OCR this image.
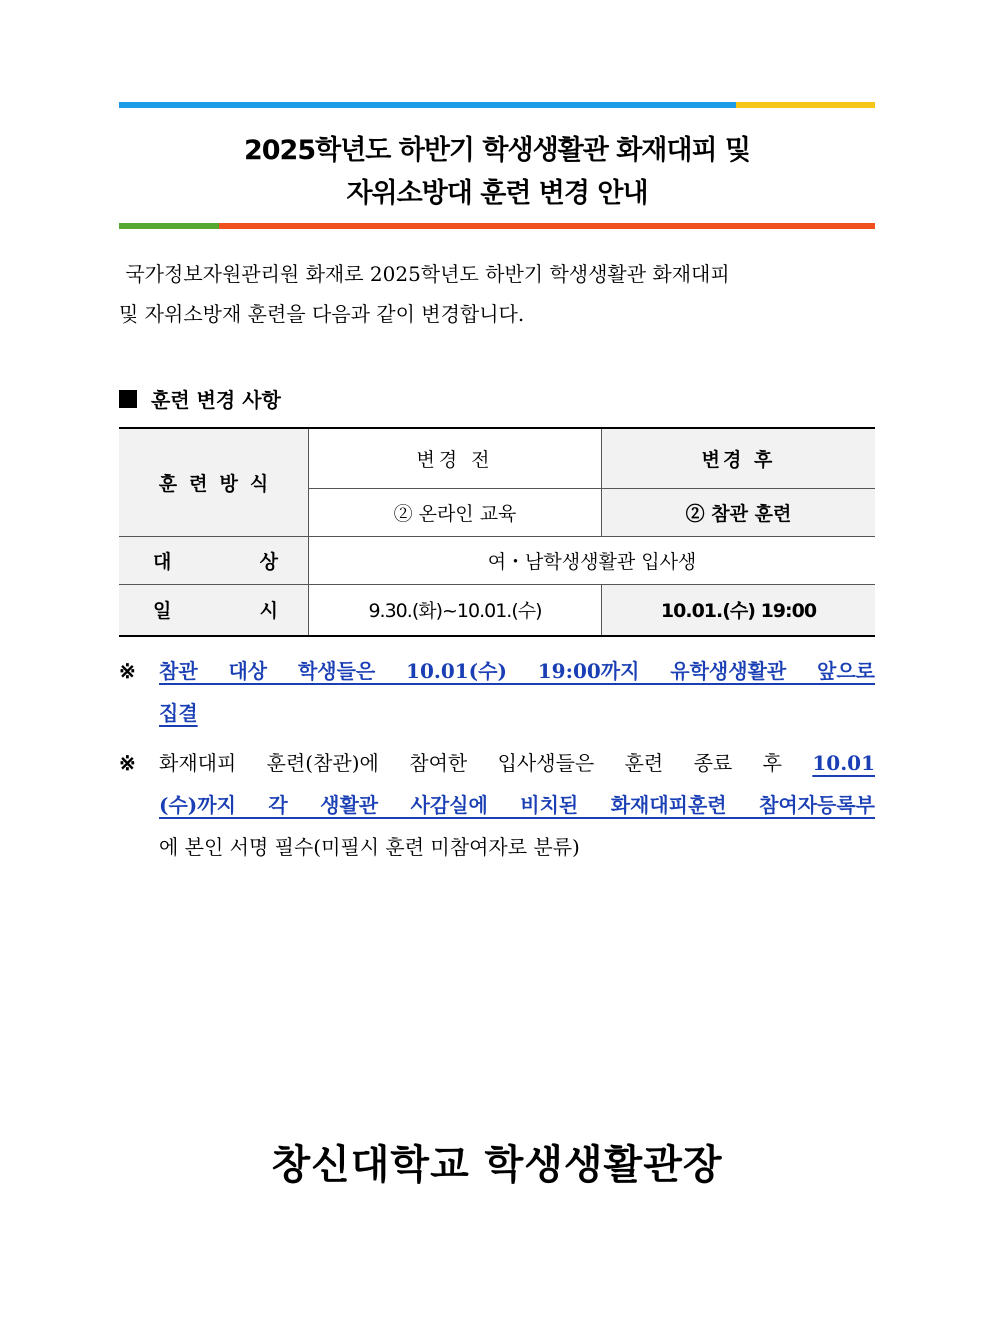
2025학년도 하반기 학생생활관 화재대피 및
자위소방대 훈련 변경 안내

국가정보자원관리원 화재로 2025학년도 하반기 학생생활관 화재대피

및 자위소방재 훈련을 다음과 같이 변경합니다.

훈련 변경 사항
훈련방식	변경 전	변경 후
	② 온라인 교육	② 참관 훈련

대 상	여・남학생생활관 입사생	

일 시	9.30.(화)~10.01.(수)	10.01.(수) 19:00
※ 참관 대상 학생들은 10.01(수) 19:00까지 유학생생활관 앞으로
집결
※ 화재대피 훈련(참관)에 참여한 입사생들은 훈련 종료 후 10.01
(수)까지 각 생활관 사감실에 비치된 화재대피훈련 참여자등록부
에 본인 서명 필수(미필시 훈련 미참여자로 분류)
창신대학교 학생생활관장
